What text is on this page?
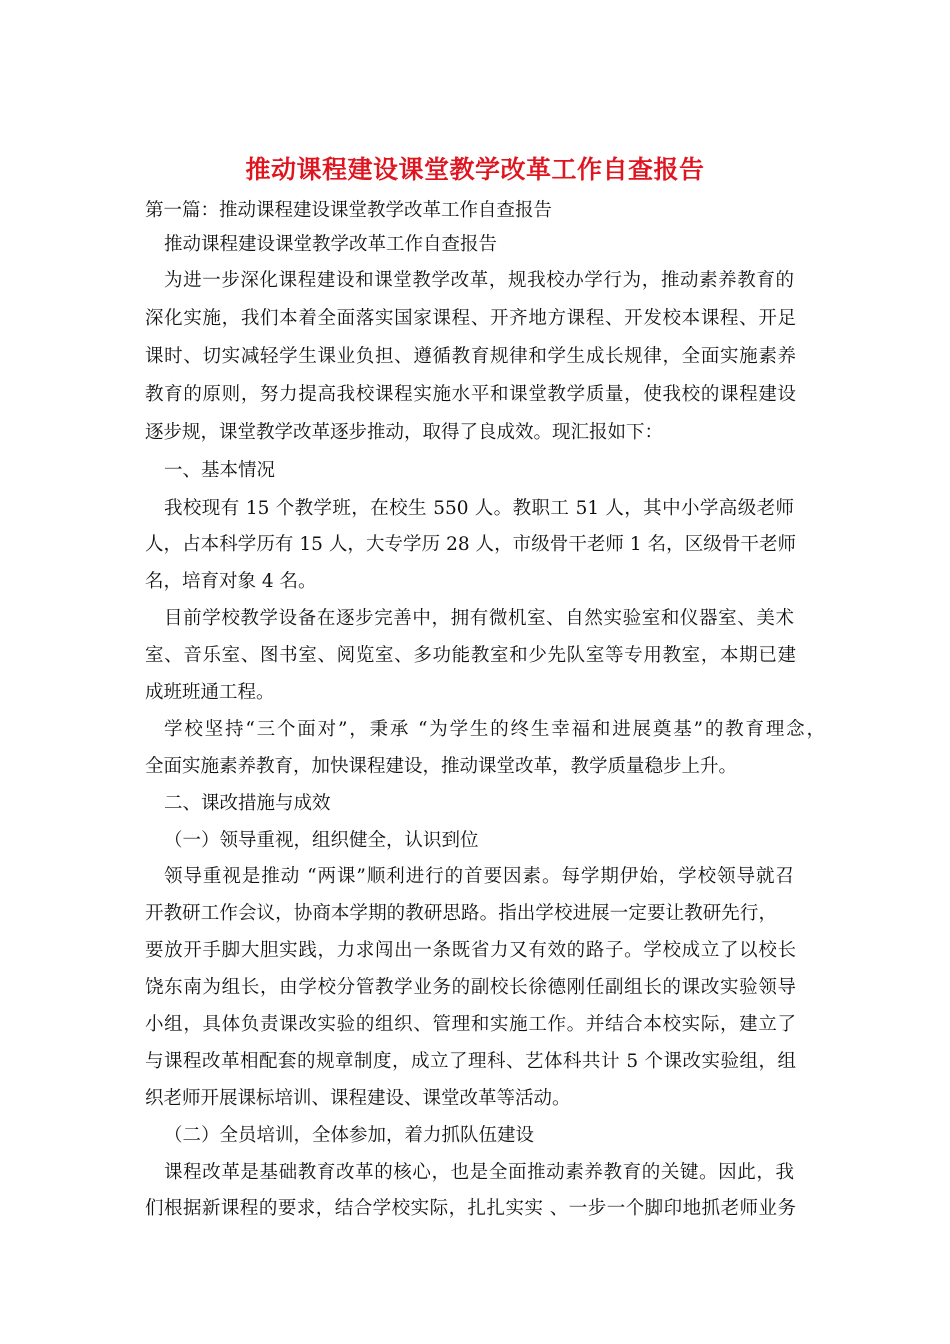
推动课程建设课堂教学改革工作自查报告
第一篇：推动课程建设课堂教学改革工作自查报告
推动课程建设课堂教学改革工作自查报告
为进一步深化课程建设和课堂教学改革，规我校办学行为，推动素养教育的
深化实施，我们本着全面落实国家课程、开齐地方课程、开发校本课程、开足
课时、切实减轻学生课业负担、遵循教育规律和学生成长规律，全面实施素养
教育的原则，努力提高我校课程实施水平和课堂教学质量，使我校的课程建设
逐步规，课堂教学改革逐步推动，取得了良成效。现汇报如下：
一、基本情况
我校现有 15 个教学班，在校生 550 人。教职工 51 人，其中小学高级老师
人，占本科学历有 15 人，大专学历 28 人，市级骨干老师 1 名，区级骨干老师
名，培育对象 4 名。
目前学校教学设备在逐步完善中，拥有微机室、自然实验室和仪器室、美术
室、音乐室、图书室、阅览室、多功能教室和少先队室等专用教室，本期已建
成班班通工程。
学校坚持“三个面对”，秉承 “为学生的终生幸福和进展奠基”的教育理念，
全面实施素养教育，加快课程建设，推动课堂改革，教学质量稳步上升。
二、课改措施与成效
（一）领导重视，组织健全，认识到位
领导重视是推动 “两课”顺利进行的首要因素。每学期伊始，学校领导就召
开教研工作会议，协商本学期的教研思路。指出学校进展一定要让教研先行，
要放开手脚大胆实践，力求闯出一条既省力又有效的路子。学校成立了以校长
饶东南为组长，由学校分管教学业务的副校长徐德刚任副组长的课改实验领导
小组，具体负责课改实验的组织、管理和实施工作。并结合本校实际，建立了
与课程改革相配套的规章制度，成立了理科、艺体科共计 5 个课改实验组，组
织老师开展课标培训、课程建设、课堂改革等活动。
（二）全员培训，全体参加，着力抓队伍建设
课程改革是基础教育改革的核心，也是全面推动素养教育的关键。因此，我
们根据新课程的要求，结合学校实际，扎扎实实 、一步一个脚印地抓老师业务
